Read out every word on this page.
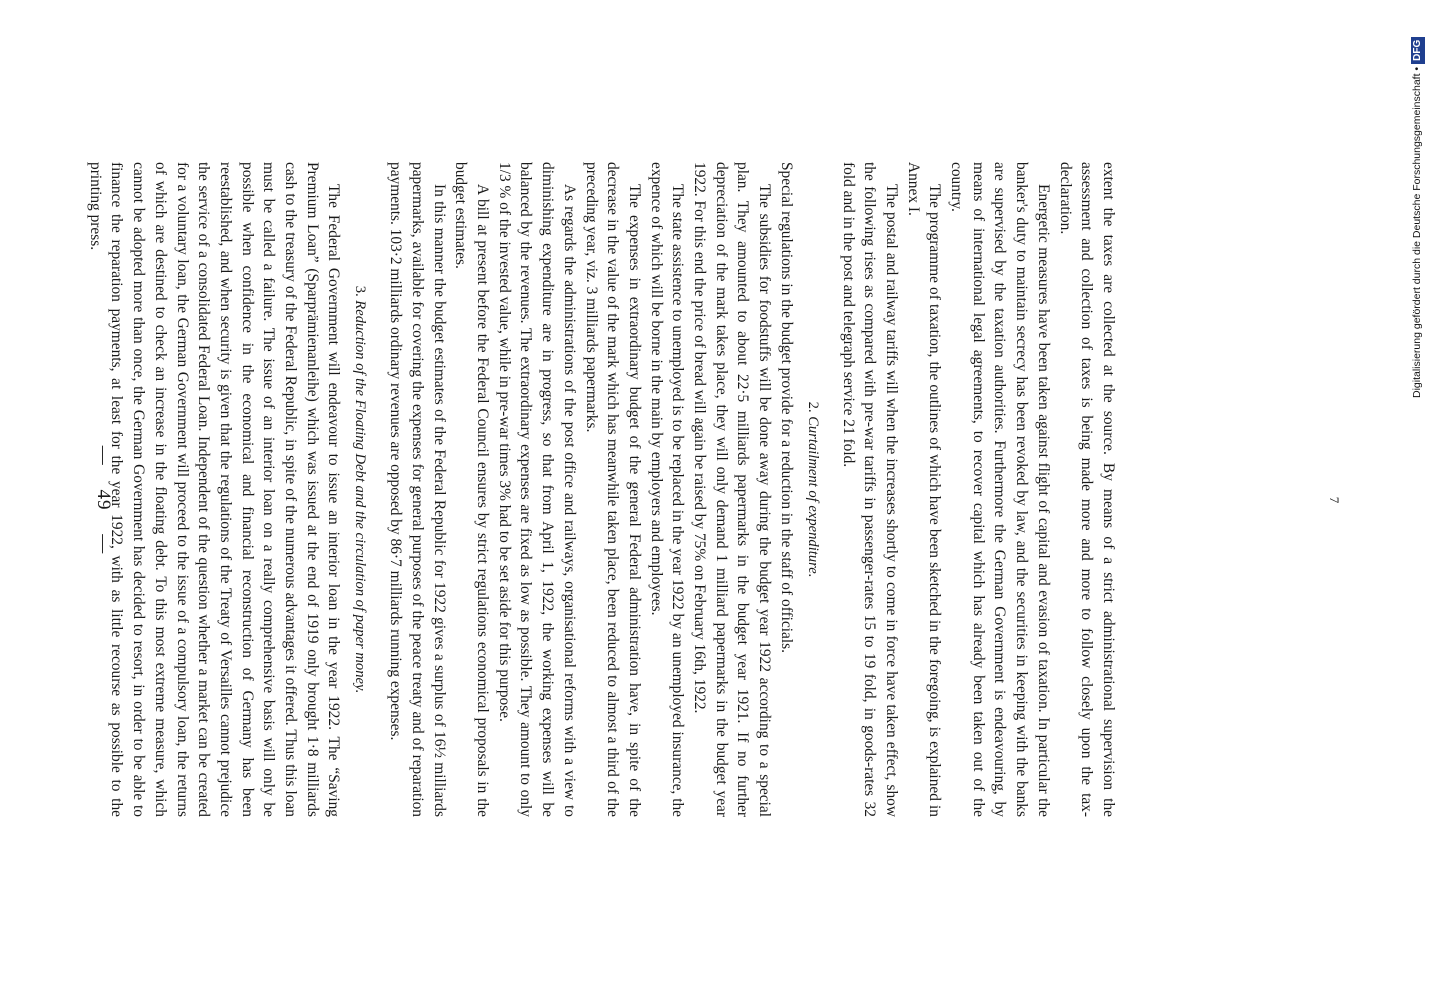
— 49 —	extent the taxes are collected at the source. By means of a strict administrational supervision the assessment and collection of taxes is being made more and more to follow closely upon the tax-declaration.

Energetic measures have been taken against flight of capital and evasion of taxation. In particular the banker's duty to maintain secrecy has been revoked by law, and the securities in keeping with the banks are supervised by the taxation authorities. Furthermore the German Government is endeavouring, by means of international legal agreements, to recover capital which has already been taken out of the country.

The programme of taxation, the outlines of which have been sketched in the foregoing, is explained in Annex I.

The postal and railway tariffs will when the increases shortly to come in force have taken effect, show the following rises as compared with pre-war tariffs in passenger-rates 15 to 19 fold, in goods-rates 32 fold and in the post and telegraph service 21 fold.

2. Curtailment of expenditure.

Special regulations in the budget provide for a reduction in the staff of officials.

The subsidies for foodstuffs will be done away during the budget year 1922 according to a special plan. They amounted to about 22·5 milliards papermarks in the budget year 1921. If no further depreciation of the mark takes place, they will only demand 1 milliard papermarks in the budget year 1922. For this end the price of bread will again be raised by 75% on February 16th, 1922.

The state assistence to unemployed is to be replaced in the year 1922 by an unemployed insurance, the expence of which will be borne in the main by employers and employees.

The expenses in extraordinary budget of the general Federal administration have, in spite of the decrease in the value of the mark which has meanwhile taken place, been reduced to almost a third of the preceding year, viz. 3 milliards papermarks.

As regards the administrations of the post office and railways, organisational reforms with a view to diminishing expenditure are in progress, so that from April 1, 1922, the working expenses will be balanced by the revenues. The extraordinary expenses are fixed as low as possible. They amount to only 1/3 % of the invested value, while in pre-war times 3% had to be set aside for this purpose.

A bill at present before the Federal Council ensures by strict regulations economical proposals in the budget estimates.

In this manner the budget estimates of the Federal Republic for 1922 gives a surplus of 16½ milliards papermarks, available for covering the expenses for general purposes of the peace treaty and of reparation payments. 103·2 milliards ordinary revenues are opposed by 86·7 milliards running expenses.

3. Reduction of the Floating Debt and the circulation of paper money.

The Federal Government will endeavour to issue an interior loan in the year 1922. The “Saving Premium Loan” (Sparprämienanleihe) which was issued at the end of 1919 only brought 1·8 milliards cash to the treasury of the Federal Republic, in spite of the numerous advantages it offered. Thus this loan must be called a failure. The issue of an interior loan on a really comprehensive basis will only be possible when confidence in the economical and financial reconstruction of Germany has been reestablished, and when security is given that the regulations of the Treaty of Versailles cannot prejudice the service of a consolidated Federal Loan. Independent of the question whether a market can be created for a voluntary loan, the German Government will proceed to the issue of a compulsory loan, the returns of which are destined to check an increase in the floating debt. To this most extreme measure, which cannot be adopted more than once, the German Government has decided to resort, in order to be able to finance the reparation payments, at least for the year 1922, with as little recourse as possible to the printing press.

7
Digitalisierung gefördert durch die Deutsche Forschungsgemeinschaft •DFG
